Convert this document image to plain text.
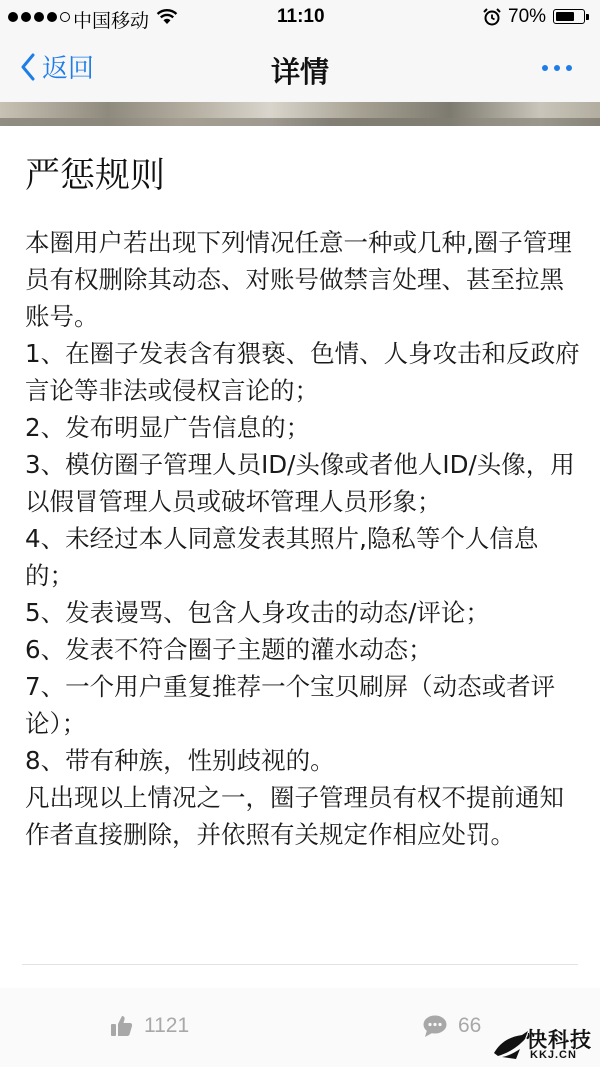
中国移动	11:10	70%
返回	详情
严惩规则

本圈用户若出现下列情况任意一种或几种,圈子管理员有权删除其动态、对账号做禁言处理、甚至拉黑账号。

1、在圈子发表含有猥亵、色情、人身攻击和反政府言论等非法或侵权言论的；

2、发布明显广告信息的；

3、模仿圈子管理人员ID/头像或者他人ID/头像，用以假冒管理人员或破坏管理人员形象；

4、未经过本人同意发表其照片,隐私等个人信息的；

5、发表谩骂、包含人身攻击的动态/评论；

6、发表不符合圈子主题的灌水动态；

7、一个用户重复推荐一个宝贝刷屏（动态或者评论）；

8、带有种族，性别歧视的。

凡出现以上情况之一，圈子管理员有权不提前通知作者直接删除，并依照有关规定作相应处罚。

1121	66
快科技
KKJ.CN
